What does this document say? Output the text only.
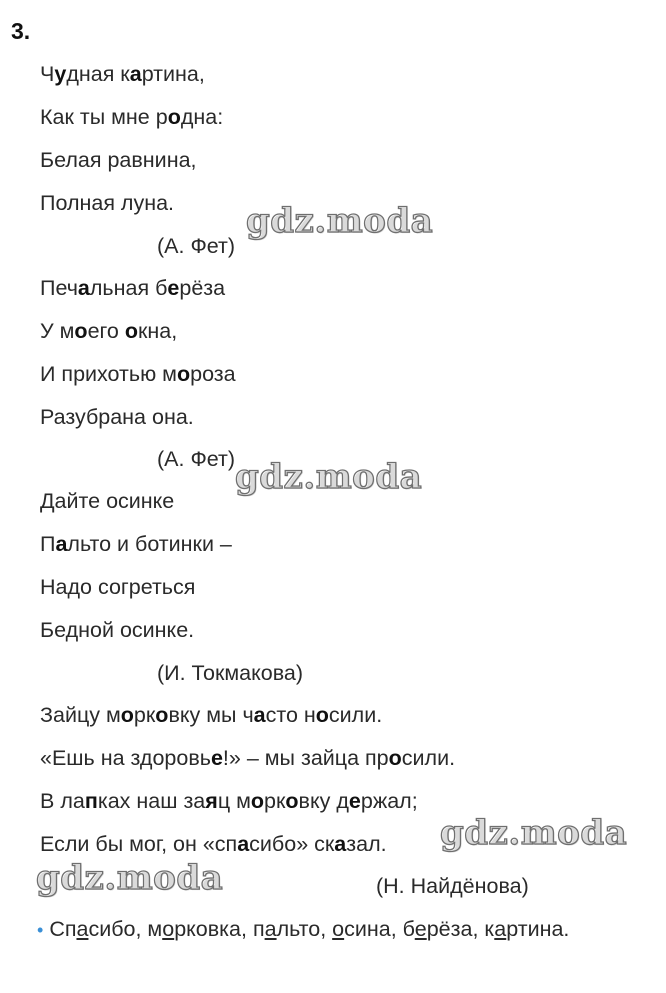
3.
Чудная картина,
Как ты мне родна:
Белая равнина,
Полная луна.
(А. Фет)
Печальная берёза
У моего окна,
И прихотью мороза
Разубрана она.
(А. Фет)
Дайте осинке
Пальто и ботинки –
Надо согреться
Бедной осинке.
(И. Токмакова)
Зайцу морковку мы часто носили.
«Ешь на здоровье!» – мы зайца просили.
В лапках наш заяц морковку держал;
Если бы мог, он «спасибо» сказал.
(Н. Найдёнова)
• Спасибо, морковка, пальто, осина, берёза, картина.
gdz.moda
gdz.moda
gdz.moda
gdz.moda
